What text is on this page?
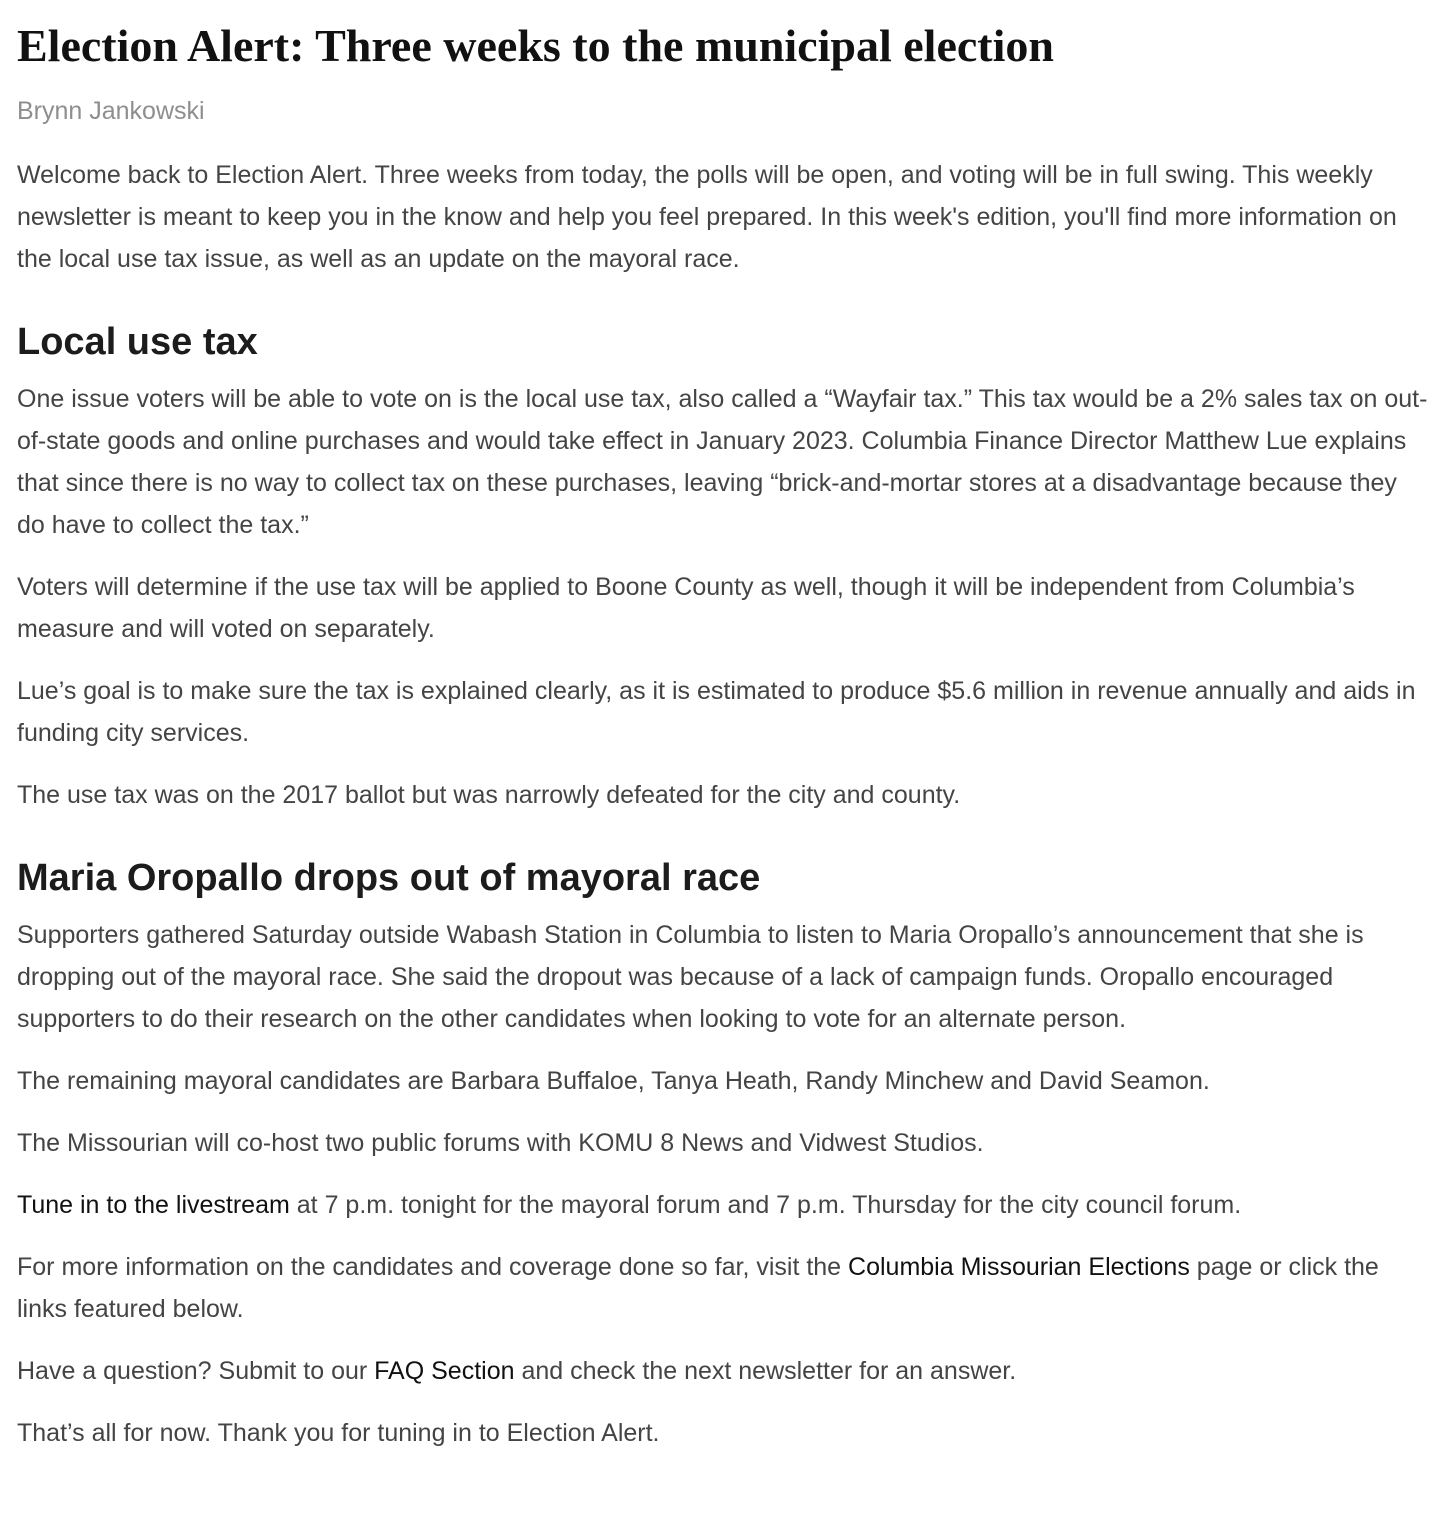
Election Alert: Three weeks to the municipal election
Brynn Jankowski

Welcome back to Election Alert. Three weeks from today, the polls will be open, and voting will be in full swing. This weekly newsletter is meant to keep you in the know and help you feel prepared. In this week's edition, you'll find more information on the local use tax issue, as well as an update on the mayoral race.

Local use tax

One issue voters will be able to vote on is the local use tax, also called a “Wayfair tax.” This tax would be a 2% sales tax on out-of-state goods and online purchases and would take effect in January 2023. Columbia Finance Director Matthew Lue explains that since there is no way to collect tax on these purchases, leaving “brick-and-mortar stores at a disadvantage because they do have to collect the tax.”

Voters will determine if the use tax will be applied to Boone County as well, though it will be independent from Columbia’s measure and will voted on separately.

Lue’s goal is to make sure the tax is explained clearly, as it is estimated to produce $5.6 million in revenue annually and aids in funding city services.

The use tax was on the 2017 ballot but was narrowly defeated for the city and county.

Maria Oropallo drops out of mayoral race

Supporters gathered Saturday outside Wabash Station in Columbia to listen to Maria Oropallo’s announcement that she is dropping out of the mayoral race. She said the dropout was because of a lack of campaign funds. Oropallo encouraged supporters to do their research on the other candidates when looking to vote for an alternate person.

The remaining mayoral candidates are Barbara Buffaloe, Tanya Heath, Randy Minchew and David Seamon.

The Missourian will co-host two public forums with KOMU 8 News and Vidwest Studios.

Tune in to the livestream at 7 p.m. tonight for the mayoral forum and 7 p.m. Thursday for the city council forum.

For more information on the candidates and coverage done so far, visit the Columbia Missourian Elections page or click the links featured below.

Have a question? Submit to our FAQ Section and check the next newsletter for an answer.

That’s all for now. Thank you for tuning in to Election Alert.
